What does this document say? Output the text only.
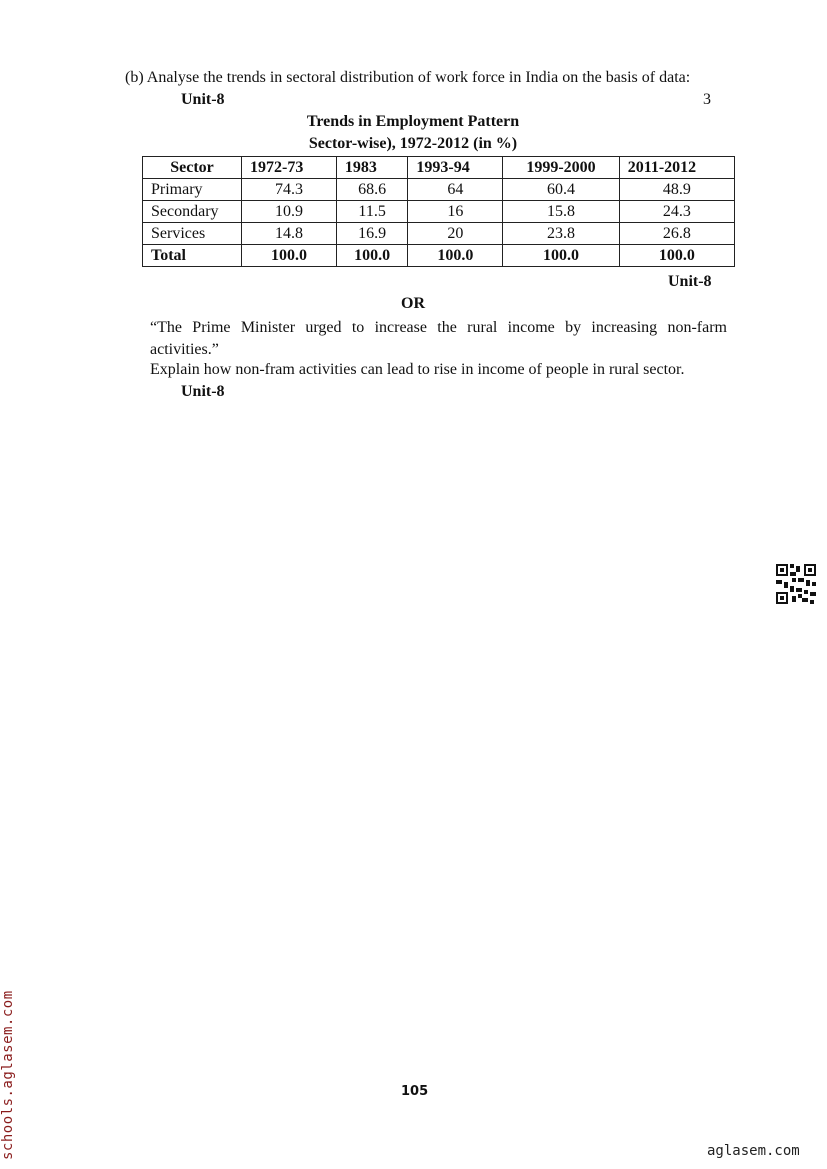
(b) Analyse the trends in sectoral distribution of work force in India on the basis of data:
Unit-8	3
Trends in Employment Pattern
Sector-wise), 1972-2012 (in %)
Sector	1972-73	1983	1993-94	1999-2000	2011-2012
Primary	74.3	68.6	64	60.4	48.9
Secondary	10.9	11.5	16	15.8	24.3
Services	14.8	16.9	20	23.8	26.8
Total	100.0	100.0	100.0	100.0	100.0
Unit-8
OR
“The Prime Minister urged to increase the rural income by increasing non-farm activities.”
Explain how non-fram activities can lead to rise in income of people in rural sector.
Unit-8
105
schools.aglasem.com	aglasem.com
